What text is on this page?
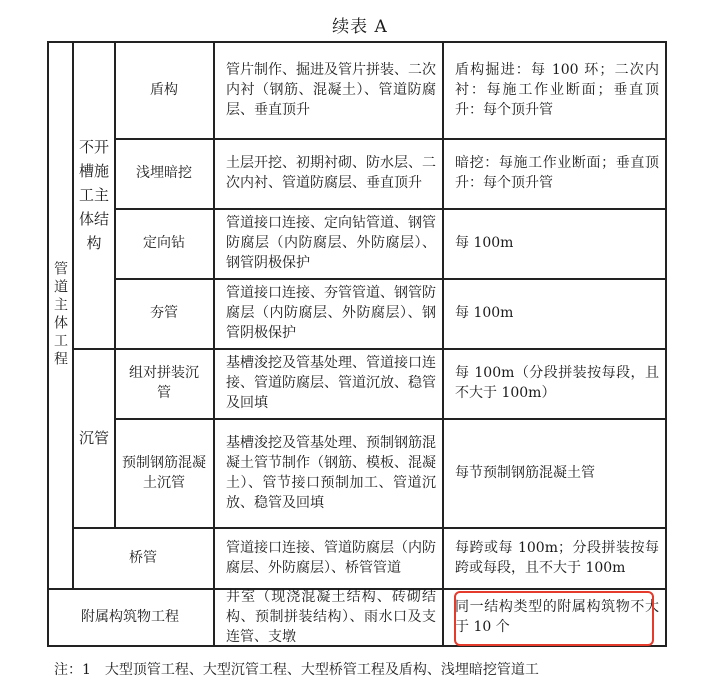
续表 A
管道主体工程
不开槽施工主体结构
沉管
盾构
管片制作、掘进及管片拼装、二次内衬（钢筋、混凝土）、管道防腐层、垂直顶升
盾构掘进：每 100 环；二次内衬：每施工作业断面；垂直顶升：每个顶升管
浅埋暗挖
土层开挖、初期衬砌、防水层、二次内衬、管道防腐层、垂直顶升
暗挖：每施工作业断面；垂直顶升：每个顶升管
定向钻
管道接口连接、定向钻管道、钢管防腐层（内防腐层、外防腐层）、钢管阴极保护
每 100m
夯管
管道接口连接、夯管管道、钢管防腐层（内防腐层、外防腐层）、钢管阴极保护
每 100m
组对拼装沉管
基槽浚挖及管基处理、管道接口连接、管道防腐层、管道沉放、稳管及回填
每 100m（分段拼装按每段，且不大于 100m）
预制钢筋混凝土沉管
基槽浚挖及管基处理、预制钢筋混凝土管节制作（钢筋、模板、混凝土）、管节接口预制加工、管道沉放、稳管及回填
每节预制钢筋混凝土管
桥管
管道接口连接、管道防腐层（内防腐层、外防腐层）、桥管管道
每跨或每 100m；分段拼装按每跨或每段，且不大于 100m
附属构筑物工程
井室（现浇混凝土结构、砖砌结构、预制拼装结构）、雨水口及支连管、支墩
同一结构类型的附属构筑物不大于 10 个
注：1　大型顶管工程、大型沉管工程、大型桥管工程及盾构、浅埋暗挖管道工
